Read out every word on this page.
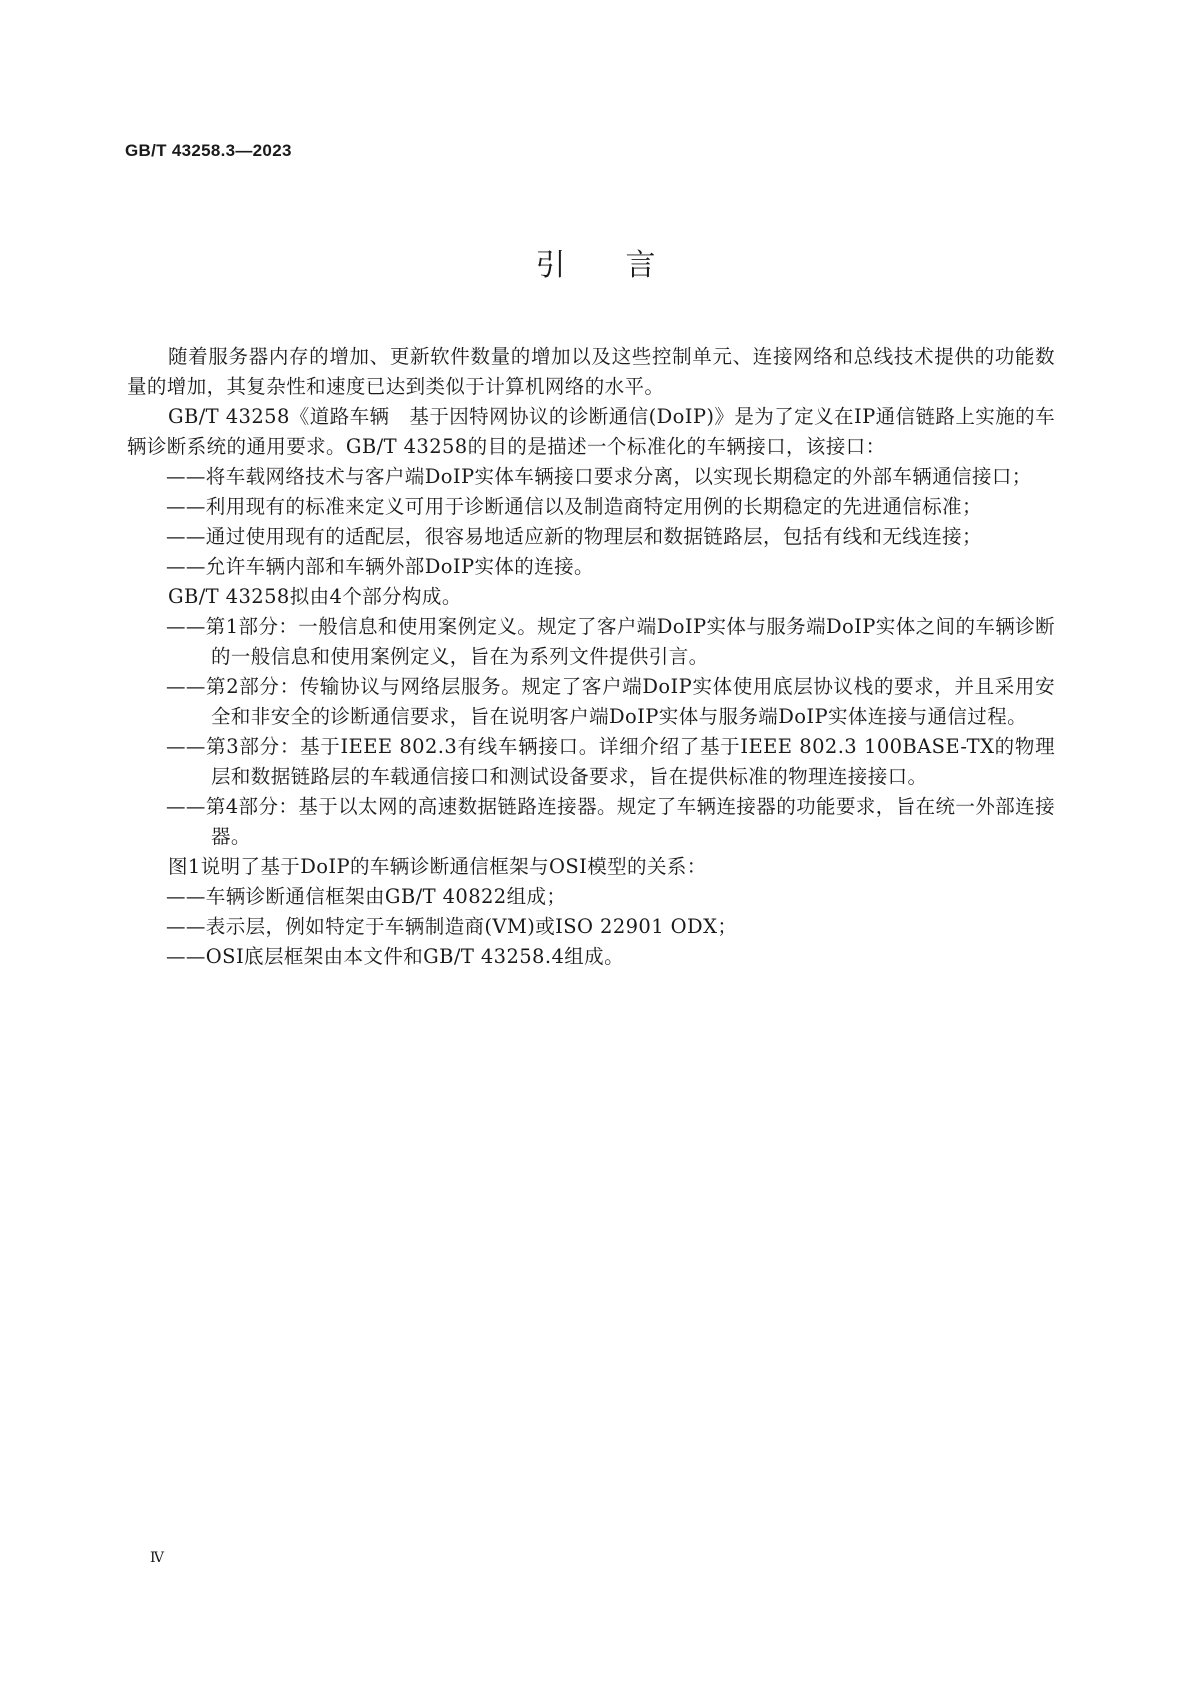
GB/T 43258.3—2023
引言
随着服务器内存的增加、更新软件数量的增加以及这些控制单元、连接网络和总线技术提供的功能数量的增加，其复杂性和速度已达到类似于计算机网络的水平。
GB/T 43258《道路车辆　基于因特网协议的诊断通信(DoIP)》是为了定义在IP通信链路上实施的车辆诊断系统的通用要求。GB/T 43258的目的是描述一个标准化的车辆接口，该接口：
——将车载网络技术与客户端DoIP实体车辆接口要求分离，以实现长期稳定的外部车辆通信接口；
——利用现有的标准来定义可用于诊断通信以及制造商特定用例的长期稳定的先进通信标准；
——通过使用现有的适配层，很容易地适应新的物理层和数据链路层，包括有线和无线连接；
——允许车辆内部和车辆外部DoIP实体的连接。
GB/T 43258拟由4个部分构成。
——第1部分：一般信息和使用案例定义。规定了客户端DoIP实体与服务端DoIP实体之间的车辆诊断的一般信息和使用案例定义，旨在为系列文件提供引言。
——第2部分：传输协议与网络层服务。规定了客户端DoIP实体使用底层协议栈的要求，并且采用安全和非安全的诊断通信要求，旨在说明客户端DoIP实体与服务端DoIP实体连接与通信过程。
——第3部分：基于IEEE 802.3有线车辆接口。详细介绍了基于IEEE 802.3 100BASE-TX的物理层和数据链路层的车载通信接口和测试设备要求，旨在提供标准的物理连接接口。
——第4部分：基于以太网的高速数据链路连接器。规定了车辆连接器的功能要求，旨在统一外部连接器。
图1说明了基于DoIP的车辆诊断通信框架与OSI模型的关系：
——车辆诊断通信框架由GB/T 40822组成；
——表示层，例如特定于车辆制造商(VM)或ISO 22901 ODX；
——OSI底层框架由本文件和GB/T 43258.4组成。
Ⅳ
